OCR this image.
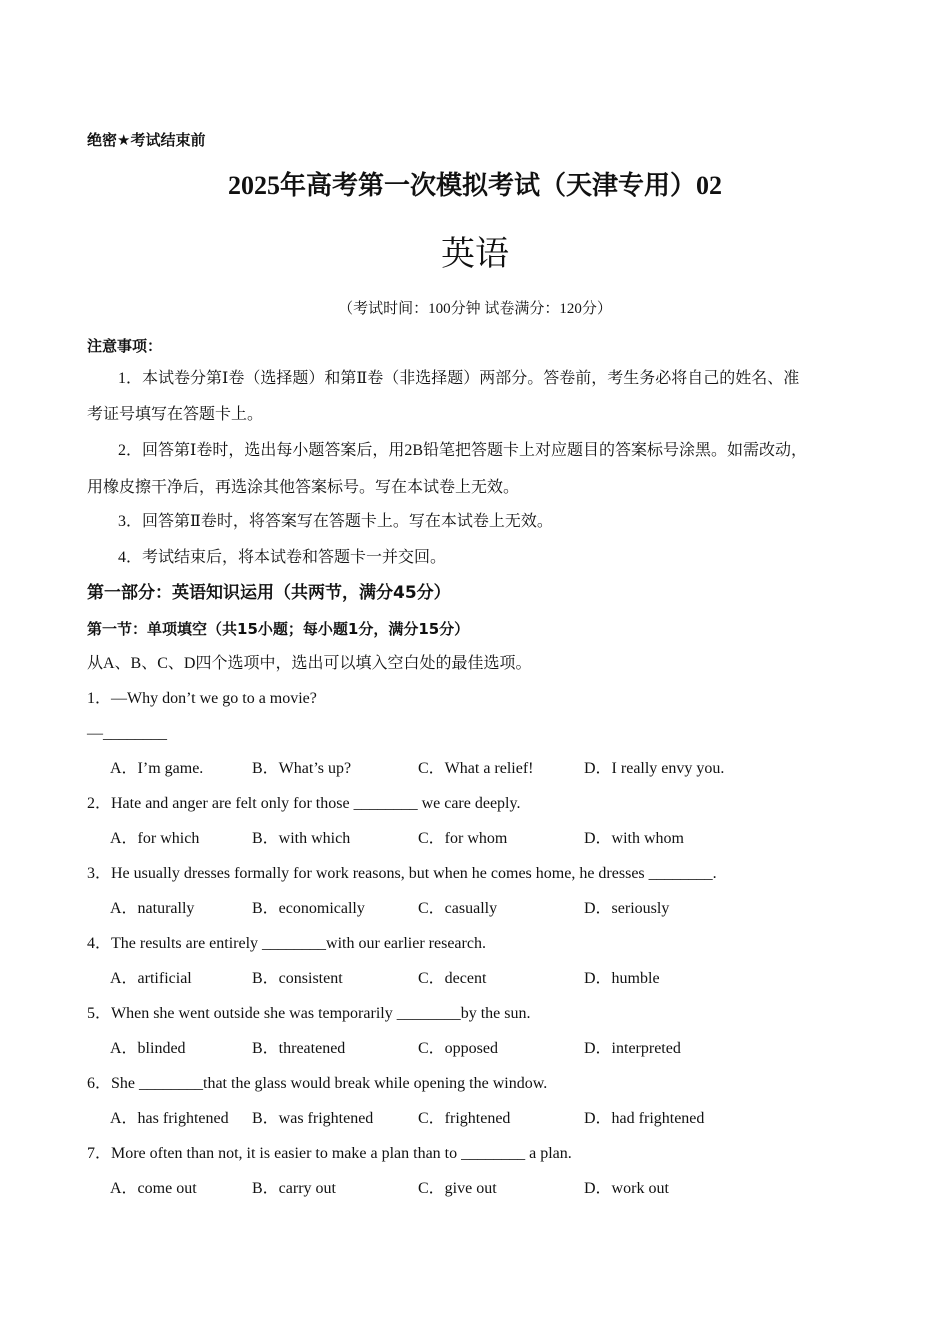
绝密★考试结束前
2025年高考第一次模拟考试（天津专用）02
英语
（考试时间：100分钟 试卷满分：120分）
注意事项：
1．本试卷分第Ⅰ卷（选择题）和第Ⅱ卷（非选择题）两部分。答卷前，考生务必将自己的姓名、准
考证号填写在答题卡上。
2．回答第Ⅰ卷时，选出每小题答案后，用2B铅笔把答题卡上对应题目的答案标号涂黑。如需改动，
用橡皮擦干净后，再选涂其他答案标号。写在本试卷上无效。
3．回答第Ⅱ卷时，将答案写在答题卡上。写在本试卷上无效。
4．考试结束后，将本试卷和答题卡一并交回。
第一部分：英语知识运用（共两节，满分45分）
第一节：单项填空（共15小题；每小题1分，满分15分）
从A、B、C、D四个选项中，选出可以填入空白处的最佳选项。
1．—Why don’t we go to a movie?
—________
A．I’m game.	B．What’s up?	C．What a relief!	D．I really envy you.
2．Hate and anger are felt only for those ________ we care deeply.
A．for which	B．with which	C．for whom	D．with whom
3．He usually dresses formally for work reasons, but when he comes home, he dresses ________.
A．naturally	B．economically	C．casually	D．seriously
4．The results are entirely ________with our earlier research.
A．artificial	B．consistent	C．decent	D．humble
5．When she went outside she was temporarily ________by the sun.
A．blinded	B．threatened	C．opposed	D．interpreted
6．She ________that the glass would break while opening the window.
A．has frightened B．was frightened	C．frightened	D．had frightened
7．More often than not, it is easier to make a plan than to ________ a plan.
A．come out	B．carry out	C．give out	D．work out
